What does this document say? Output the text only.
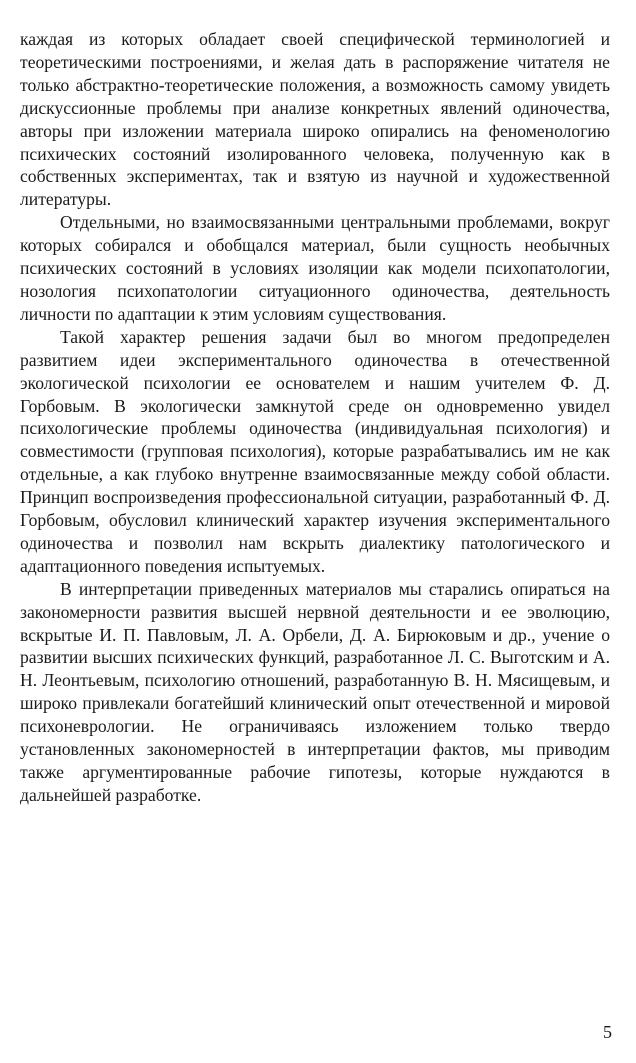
каждая из которых обладает своей специфической терминологией и теоретическими построениями, и желая дать в распоряжение читателя не только абстрактно-теоретические положения, а возможность самому увидеть дискуссионные проблемы при анализе конкретных явлений одиночества, авторы при изложении материала широко опирались на феноменологию психических состояний изолированного человека, полученную как в собственных экспериментах, так и взятую из научной и художественной литературы.

Отдельными, но взаимосвязанными центральными проблемами, вокруг которых собирался и обобщался материал, были сущность необычных психических состояний в условиях изоляции как модели психопатологии, нозология психопатологии ситуационного одиночества, деятельность личности по адаптации к этим условиям существования.

Такой характер решения задачи был во многом предопределен развитием идеи экспериментального одиночества в отечественной экологической психологии ее основателем и нашим учителем Ф. Д. Горбовым. В экологически замкнутой среде он одновременно увидел психологические проблемы одиночества (индивидуальная психология) и совместимости (групповая психология), которые разрабатывались им не как отдельные, а как глубоко внутренне взаимосвязанные между собой области. Принцип воспроизведения профессиональной ситуации, разработанный Ф. Д. Горбовым, обусловил клинический характер изучения экспериментального одиночества и позволил нам вскрыть диалектику патологического и адаптационного поведения испытуемых.

В интерпретации приведенных материалов мы старались опираться на закономерности развития высшей нервной деятельности и ее эволюцию, вскрытые И. П. Павловым, Л. А. Орбели, Д. А. Бирюковым и др., учение о развитии высших психических функций, разработанное Л. С. Выготским и А. Н. Леонтьевым, психологию отношений, разработанную В. Н. Мясищевым, и широко привлекали богатейший клинический опыт отечественной и мировой психоневрологии. Не ограничиваясь изложением только твердо установленных закономерностей в интерпретации фактов, мы приводим также аргументированные рабочие гипотезы, которые нуждаются в дальнейшей разработке.

5
